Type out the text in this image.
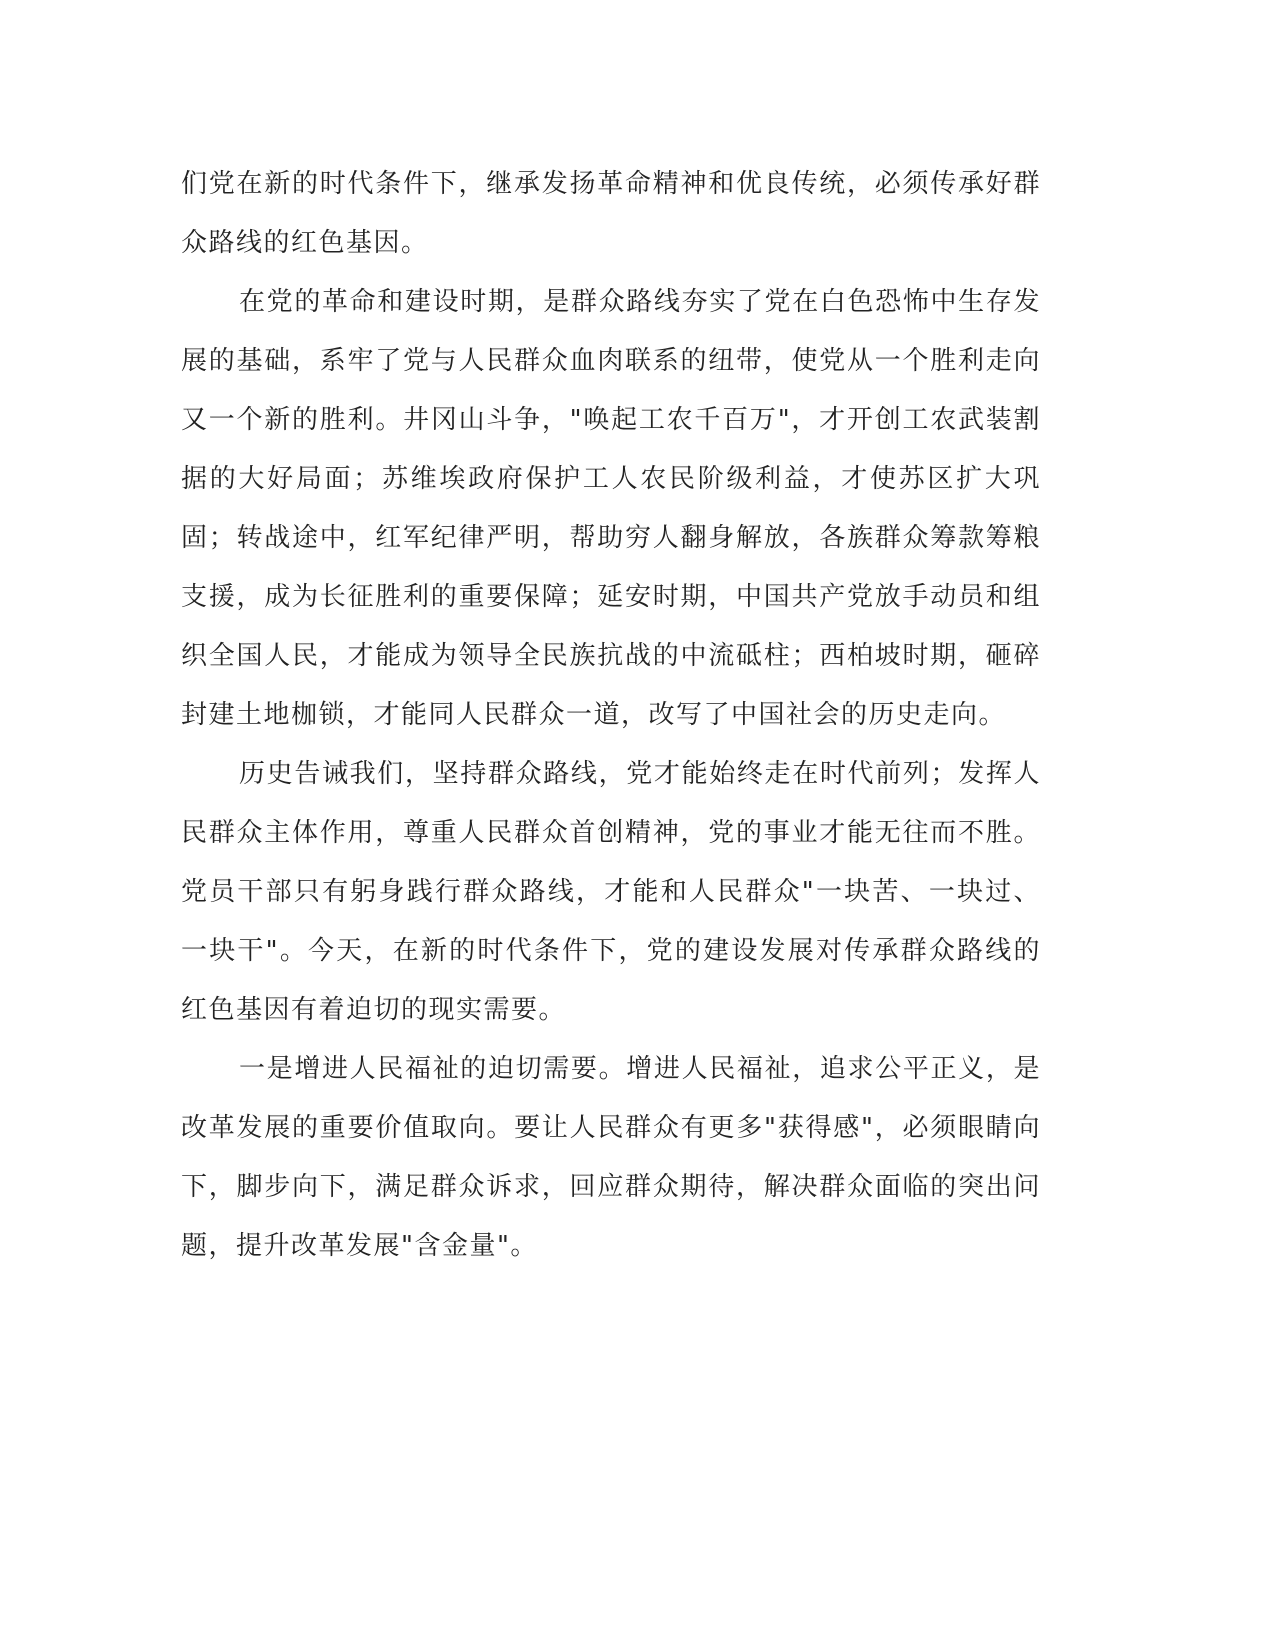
们党在新的时代条件下，继承发扬革命精神和优良传统，必须传承好群众路线的红色基因。

在党的革命和建设时期，是群众路线夯实了党在白色恐怖中生存发展的基础，系牢了党与人民群众血肉联系的纽带，使党从一个胜利走向又一个新的胜利。井冈山斗争，"唤起工农千百万"，才开创工农武装割据的大好局面；苏维埃政府保护工人农民阶级利益，才使苏区扩大巩固；转战途中，红军纪律严明，帮助穷人翻身解放，各族群众筹款筹粮支援，成为长征胜利的重要保障；延安时期，中国共产党放手动员和组织全国人民，才能成为领导全民族抗战的中流砥柱；西柏坡时期，砸碎封建土地枷锁，才能同人民群众一道，改写了中国社会的历史走向。

历史告诫我们，坚持群众路线，党才能始终走在时代前列；发挥人民群众主体作用，尊重人民群众首创精神，党的事业才能无往而不胜。党员干部只有躬身践行群众路线，才能和人民群众"一块苦、一块过、一块干"。今天，在新的时代条件下，党的建设发展对传承群众路线的红色基因有着迫切的现实需要。

一是增进人民福祉的迫切需要。增进人民福祉，追求公平正义，是改革发展的重要价值取向。要让人民群众有更多"获得感"，必须眼睛向下，脚步向下，满足群众诉求，回应群众期待，解决群众面临的突出问题，提升改革发展"含金量"。
